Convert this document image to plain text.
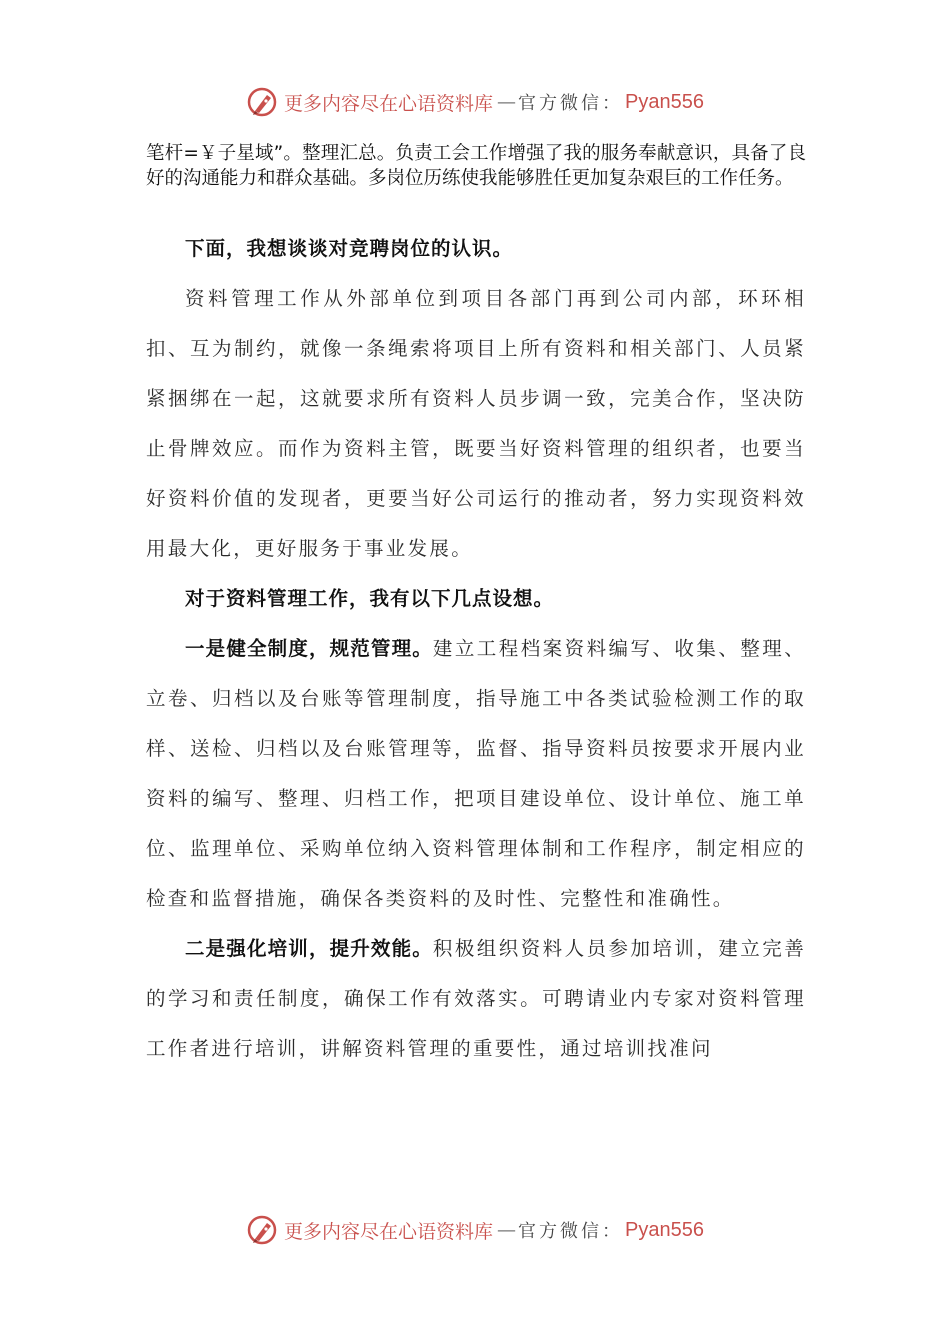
更多内容尽在心语资料库 — 官方微信： Pyan556

笔杆=￥子星域”。整理汇总。负责工会工作增强了我的服务奉献意识，具备了良好的沟通能力和群众基础。多岗位历练使我能够胜任更加复杂艰巨的工作任务。

下面，我想谈谈对竞聘岗位的认识。

资料管理工作从外部单位到项目各部门再到公司内部，环环相扣、互为制约，就像一条绳索将项目上所有资料和相关部门、人员紧紧捆绑在一起，这就要求所有资料人员步调一致，完美合作，坚决防止骨牌效应。而作为资料主管，既要当好资料管理的组织者，也要当好资料价值的发现者，更要当好公司运行的推动者，努力实现资料效用最大化，更好服务于事业发展。

对于资料管理工作，我有以下几点设想。

一是健全制度，规范管理。建立工程档案资料编写、收集、整理、立卷、归档以及台账等管理制度，指导施工中各类试验检测工作的取样、送检、归档以及台账管理等，监督、指导资料员按要求开展内业资料的编写、整理、归档工作，把项目建设单位、设计单位、施工单位、监理单位、采购单位纳入资料管理体制和工作程序，制定相应的检查和监督措施，确保各类资料的及时性、完整性和准确性。

二是强化培训，提升效能。积极组织资料人员参加培训，建立完善的学习和责任制度，确保工作有效落实。可聘请业内专家对资料管理工作者进行培训，讲解资料管理的重要性，通过培训找准问

更多内容尽在心语资料库 — 官方微信： Pyan556
